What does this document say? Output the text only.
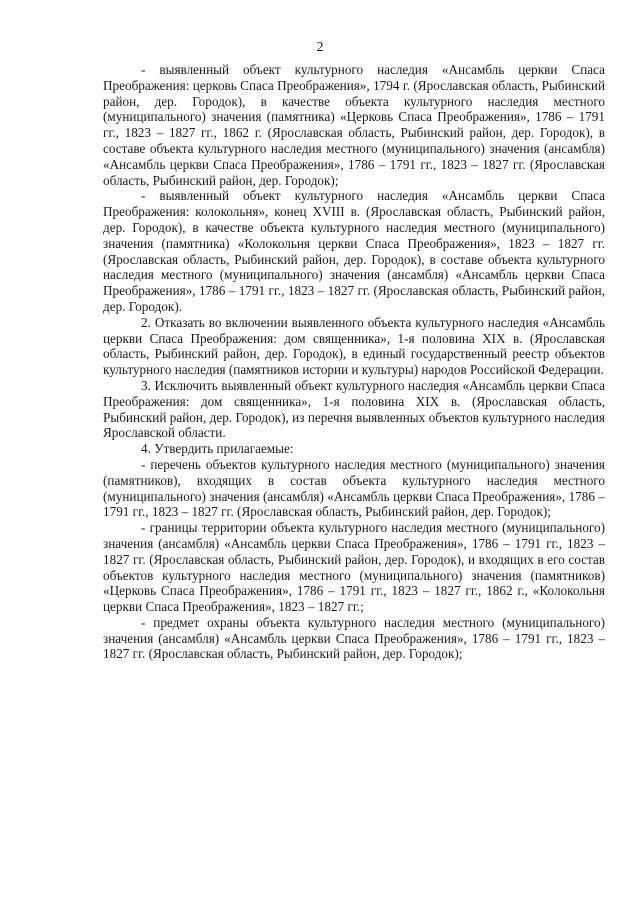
2

- выявленный объект культурного наследия «Ансамбль церкви Спаса Преображения: церковь Спаса Преображения», 1794 г. (Ярославская область, Рыбинский район, дер. Городок), в качестве объекта культурного наследия местного (муниципального) значения (памятника) «Церковь Спаса Преображения», 1786 – 1791 гг., 1823 – 1827 гг., 1862 г. (Ярославская область, Рыбинский район, дер. Городок), в составе объекта культурного наследия местного (муниципального) значения (ансамбля) «Ансамбль церкви Спаса Преображения», 1786 – 1791 гг., 1823 – 1827 гг. (Ярославская область, Рыбинский район, дер. Городок);

- выявленный объект культурного наследия «Ансамбль церкви Спаса Преображения: колокольня», конец XVIII в. (Ярославская область, Рыбинский район, дер. Городок), в качестве объекта культурного наследия местного (муниципального) значения (памятника) «Колокольня церкви Спаса Преображения», 1823 – 1827 гг. (Ярославская область, Рыбинский район, дер. Городок), в составе объекта культурного наследия местного (муниципального) значения (ансамбля) «Ансамбль церкви Спаса Преображения», 1786 – 1791 гг., 1823 – 1827 гг. (Ярославская область, Рыбинский район, дер. Городок).

2. Отказать во включении выявленного объекта культурного наследия «Ансамбль церкви Спаса Преображения: дом священника», 1-я половина XIX в. (Ярославская область, Рыбинский район, дер. Городок), в единый государственный реестр объектов культурного наследия (памятников истории и культуры) народов Российской Федерации.

3. Исключить выявленный объект культурного наследия «Ансамбль церкви Спаса Преображения: дом священника», 1-я половина XIX в. (Ярославская область, Рыбинский район, дер. Городок), из перечня выявленных объектов культурного наследия Ярославской области.

4. Утвердить прилагаемые:

- перечень объектов культурного наследия местного (муниципального) значения (памятников), входящих в состав объекта культурного наследия местного (муниципального) значения (ансамбля) «Ансамбль церкви Спаса Преображения», 1786 – 1791 гг., 1823 – 1827 гг. (Ярославская область, Рыбинский район, дер. Городок);

- границы территории объекта культурного наследия местного (муниципального) значения (ансамбля) «Ансамбль церкви Спаса Преображения», 1786 – 1791 гг., 1823 – 1827 гг. (Ярославская область, Рыбинский район, дер. Городок), и входящих в его состав объектов культурного наследия местного (муниципального) значения (памятников) «Церковь Спаса Преображения», 1786 – 1791 гг., 1823 – 1827 гг., 1862 г., «Колокольня церкви Спаса Преображения», 1823 – 1827 гг.;

- предмет охраны объекта культурного наследия местного (муниципального) значения (ансамбля) «Ансамбль церкви Спаса Преображения», 1786 – 1791 гг., 1823 – 1827 гг. (Ярославская область, Рыбинский район, дер. Городок);
